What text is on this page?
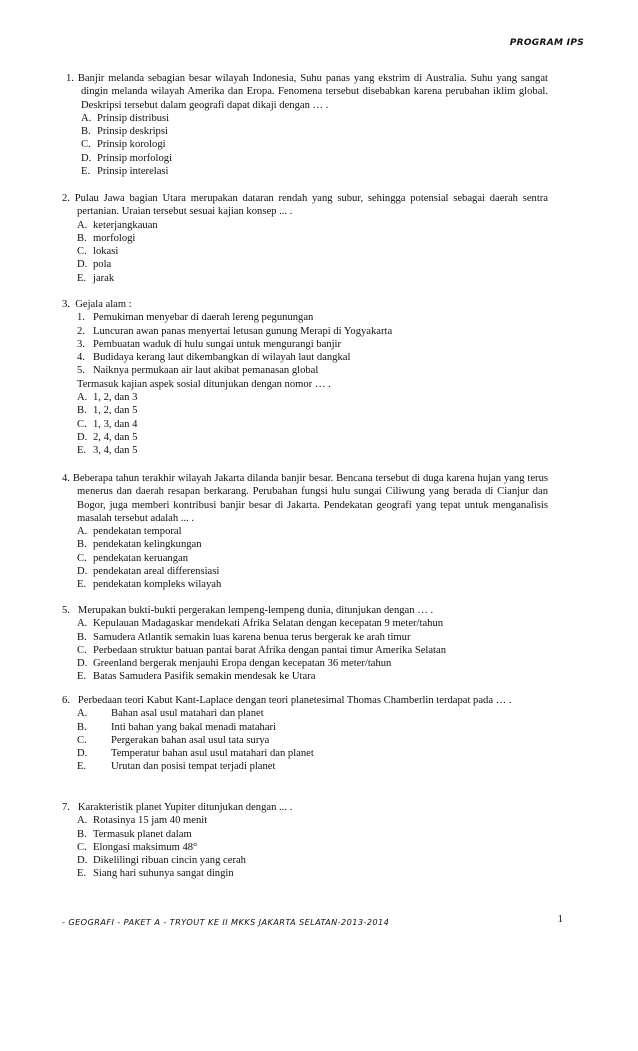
PROGRAM IPS

1. Banjir melanda sebagian besar wilayah Indonesia, Suhu panas yang ekstrim di Australia. Suhu yang sangat dingin melanda wilayah Amerika dan Eropa. Fenomena tersebut disebabkan karena perubahan iklim global. Deskripsi tersebut dalam geografi dapat dikaji dengan … .

A. Prinsip distribusi

B. Prinsip deskripsi

C. Prinsip korologi

D. Prinsip morfologi

E. Prinsip interelasi

2. Pulau Jawa bagian Utara merupakan dataran rendah yang subur, sehingga potensial sebagai daerah sentra pertanian. Uraian tersebut sesuai kajian konsep ... .

A. keterjangkauan

B. morfologi

C. lokasi

D. pola

E. jarak

3. Gejala alam :

1. Pemukiman menyebar di daerah lereng pegunungan

2. Luncuran awan panas menyertai letusan gunung Merapi di Yogyakarta

3. Pembuatan waduk di hulu sungai untuk mengurangi banjir

4. Budidaya kerang laut dikembangkan di wilayah laut dangkal

5. Naiknya permukaan air laut akibat pemanasan global

Termasuk kajian aspek sosial ditunjukan dengan nomor … .

A. 1, 2, dan 3

B. 1, 2, dan 5

C. 1, 3, dan 4

D. 2, 4, dan 5

E. 3, 4, dan 5

4. Beberapa tahun terakhir wilayah Jakarta dilanda banjir besar. Bencana tersebut di duga karena hujan yang terus menerus dan daerah resapan berkarang. Perubahan fungsi hulu sungai Ciliwung yang berada di Cianjur dan Bogor, juga memberi kontribusi banjir besar di Jakarta. Pendekatan geografi yang tepat untuk menganalisis masalah tersebut adalah ... .

A. pendekatan temporal

B. pendekatan kelingkungan

C. pendekatan keruangan

D. pendekatan areal differensiasi

E. pendekatan kompleks wilayah

5. Merupakan bukti-bukti pergerakan lempeng-lempeng dunia, ditunjukan dengan … .

A. Kepulauan Madagaskar mendekati Afrika Selatan dengan kecepatan 9 meter/tahun

B. Samudera Atlantik semakin luas karena benua terus bergerak ke arah timur

C. Perbedaan struktur batuan pantai barat Afrika dengan pantai timur Amerika Selatan

D. Greenland bergerak menjauhi Eropa dengan kecepatan 36 meter/tahun

E. Batas Samudera Pasifik semakin mendesak ke Utara

6. Perbedaan teori Kabut Kant-Laplace dengan teori planetesimal Thomas Chamberlin terdapat pada … .

A. Bahan asal usul matahari dan planet

B. Inti bahan yang bakal menadi matahari

C. Pergerakan bahan asal usul tata surya

D. Temperatur bahan asul usul matahari dan planet

E. Urutan dan posisi tempat terjadi planet

7. Karakteristik planet Yupiter ditunjukan dengan ... .

A. Rotasinya 15 jam 40 menit

B. Termasuk planet dalam

C. Elongasi maksimum 48°

D. Dikelilingi ribuan cincin yang cerah

E. Siang hari suhunya sangat dingin

- GEOGRAFI - PAKET A - TRYOUT KE II MKKS JAKARTA SELATAN-2013-2014	1
